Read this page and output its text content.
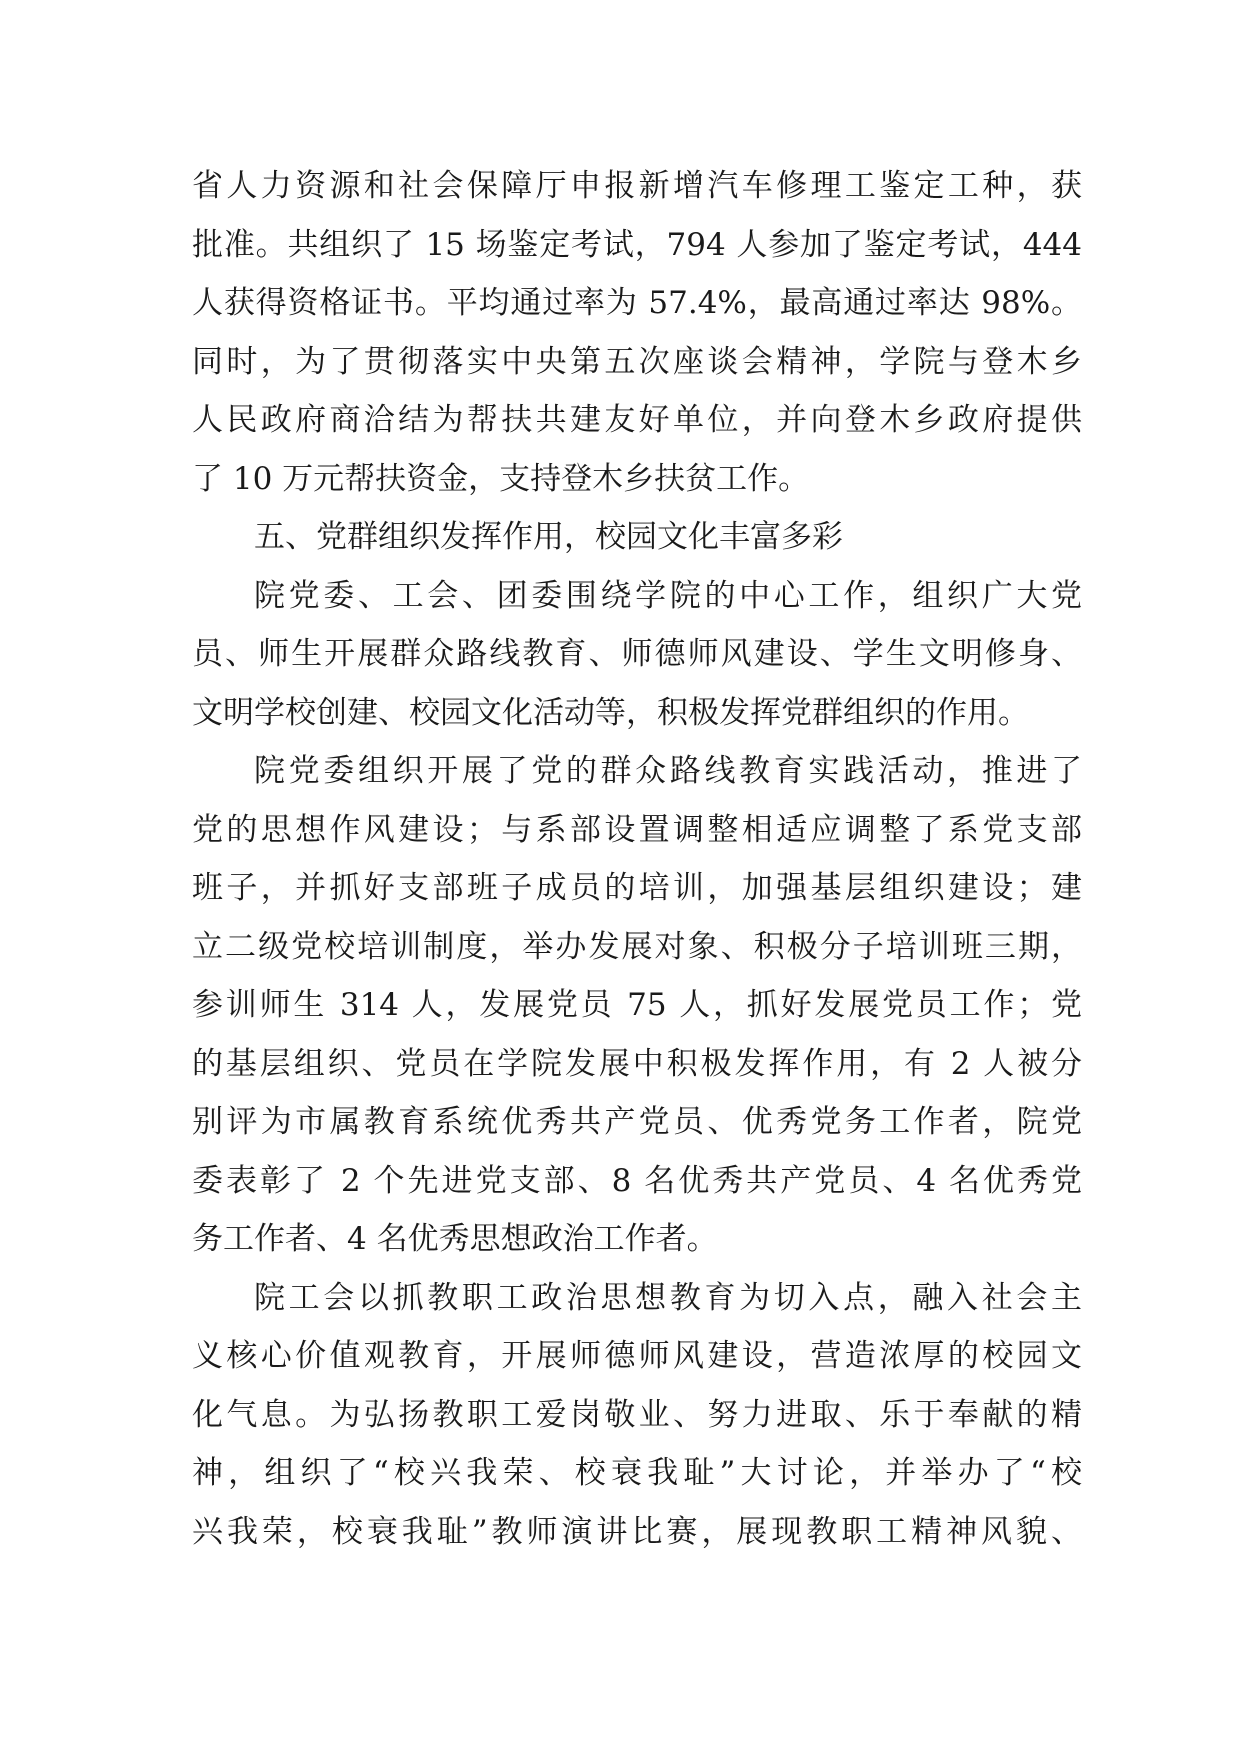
省人力资源和社会保障厅申报新增汽车修理工鉴定工种，获
批准。共组织了 15 场鉴定考试，794 人参加了鉴定考试，444
人获得资格证书。平均通过率为 57.4%，最高通过率达 98%。
同时，为了贯彻落实中央第五次座谈会精神，学院与登木乡
人民政府商洽结为帮扶共建友好单位，并向登木乡政府提供
了 10 万元帮扶资金，支持登木乡扶贫工作。
五、党群组织发挥作用，校园文化丰富多彩
院党委、工会、团委围绕学院的中心工作，组织广大党
员、师生开展群众路线教育、师德师风建设、学生文明修身、
文明学校创建、校园文化活动等，积极发挥党群组织的作用。
院党委组织开展了党的群众路线教育实践活动，推进了
党的思想作风建设；与系部设置调整相适应调整了系党支部
班子，并抓好支部班子成员的培训，加强基层组织建设；建
立二级党校培训制度，举办发展对象、积极分子培训班三期，
参训师生 314 人，发展党员 75 人，抓好发展党员工作；党
的基层组织、党员在学院发展中积极发挥作用，有 2 人被分
别评为市属教育系统优秀共产党员、优秀党务工作者，院党
委表彰了 2 个先进党支部、8 名优秀共产党员、4 名优秀党
务工作者、4 名优秀思想政治工作者。
院工会以抓教职工政治思想教育为切入点，融入社会主
义核心价值观教育，开展师德师风建设，营造浓厚的校园文
化气息。为弘扬教职工爱岗敬业、努力进取、乐于奉献的精
神，组织了“校兴我荣、校衰我耻”大讨论，并举办了“校
兴我荣，校衰我耻”教师演讲比赛，展现教职工精神风貌、
